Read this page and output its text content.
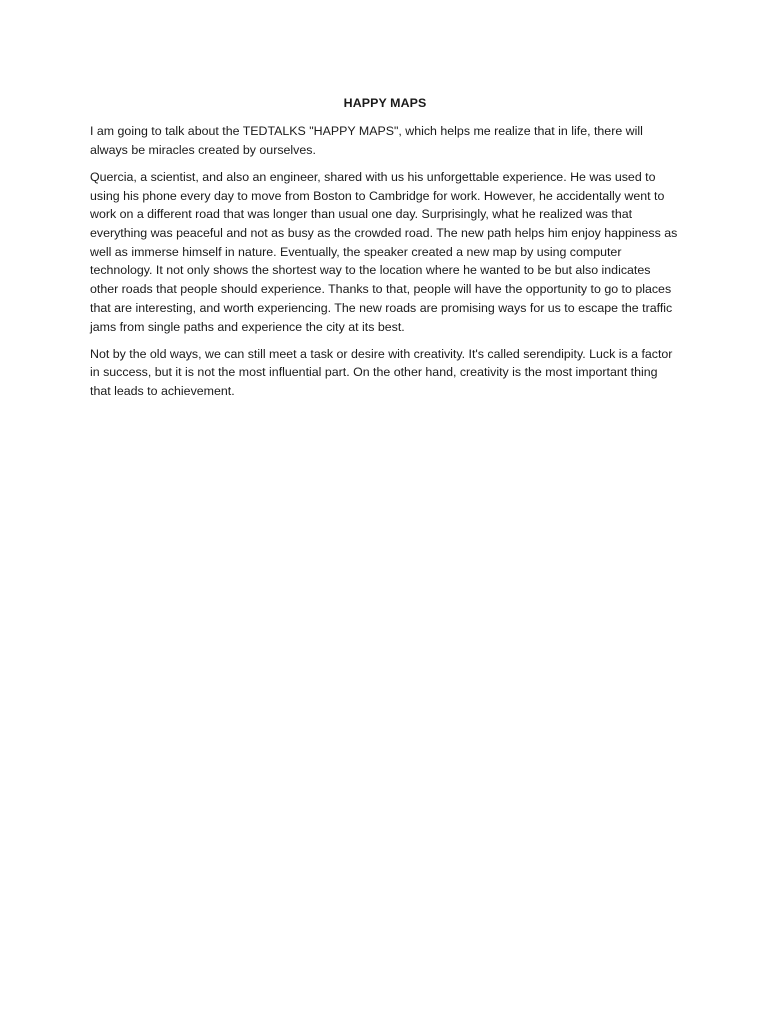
HAPPY MAPS

I am going to talk about the TEDTALKS "HAPPY MAPS", which helps me realize that in life, there will always be miracles created by ourselves.

Quercia, a scientist, and also an engineer, shared with us his unforgettable experience. He was used to using his phone every day to move from Boston to Cambridge for work. However, he accidentally went to work on a different road that was longer than usual one day. Surprisingly, what he realized was that everything was peaceful and not as busy as the crowded road. The new path helps him enjoy happiness as well as immerse himself in nature. Eventually, the speaker created a new map by using computer technology. It not only shows the shortest way to the location where he wanted to be but also indicates other roads that people should experience. Thanks to that, people will have the opportunity to go to places that are interesting, and worth experiencing. The new roads are promising ways for us to escape the traffic jams from single paths and experience the city at its best.

Not by the old ways, we can still meet a task or desire with creativity. It's called serendipity. Luck is a factor in success, but it is not the most influential part. On the other hand, creativity is the most important thing that leads to achievement.
